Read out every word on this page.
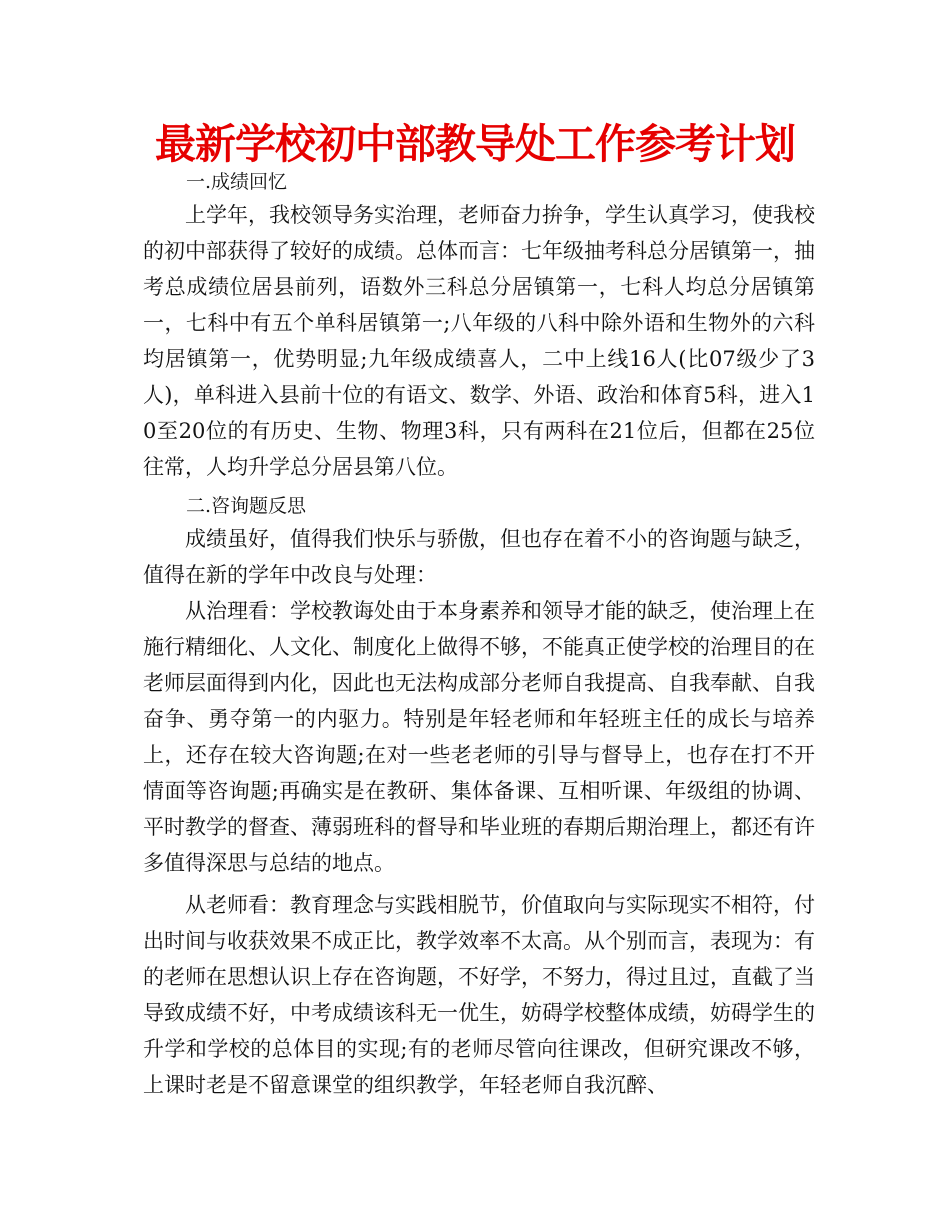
最新学校初中部教导处工作参考计划
一.成绩回忆

上学年，我校领导务实治理，老师奋力拚争，学生认真学习，使我校的初中部获得了较好的成绩。总体而言：七年级抽考科总分居镇第一，抽考总成绩位居县前列，语数外三科总分居镇第一，七科人均总分居镇第一，七科中有五个单科居镇第一;八年级的八科中除外语和生物外的六科均居镇第一，优势明显;九年级成绩喜人，二中上线16人(比07级少了3人)，单科进入县前十位的有语文、数学、外语、政治和体育5科，进入10至20位的有历史、生物、物理3科，只有两科在21位后，但都在25位往常，人均升学总分居县第八位。

二.咨询题反思

成绩虽好，值得我们快乐与骄傲，但也存在着不小的咨询题与缺乏，值得在新的学年中改良与处理：

从治理看：学校教诲处由于本身素养和领导才能的缺乏，使治理上在施行精细化、人文化、制度化上做得不够，不能真正使学校的治理目的在老师层面得到内化，因此也无法构成部分老师自我提高、自我奉献、自我奋争、勇夺第一的内驱力。特别是年轻老师和年轻班主任的成长与培养上，还存在较大咨询题;在对一些老老师的引导与督导上，也存在打不开情面等咨询题;再确实是在教研、集体备课、互相听课、年级组的协调、平时教学的督查、薄弱班科的督导和毕业班的春期后期治理上，都还有许多值得深思与总结的地点。

从老师看：教育理念与实践相脱节，价值取向与实际现实不相符，付出时间与收获效果不成正比，教学效率不太高。从个别而言，表现为：有的老师在思想认识上存在咨询题，不好学，不努力，得过且过，直截了当导致成绩不好，中考成绩该科无一优生，妨碍学校整体成绩，妨碍学生的升学和学校的总体目的实现;有的老师尽管向往课改，但研究课改不够，上课时老是不留意课堂的组织教学，年轻老师自我沉醉、
